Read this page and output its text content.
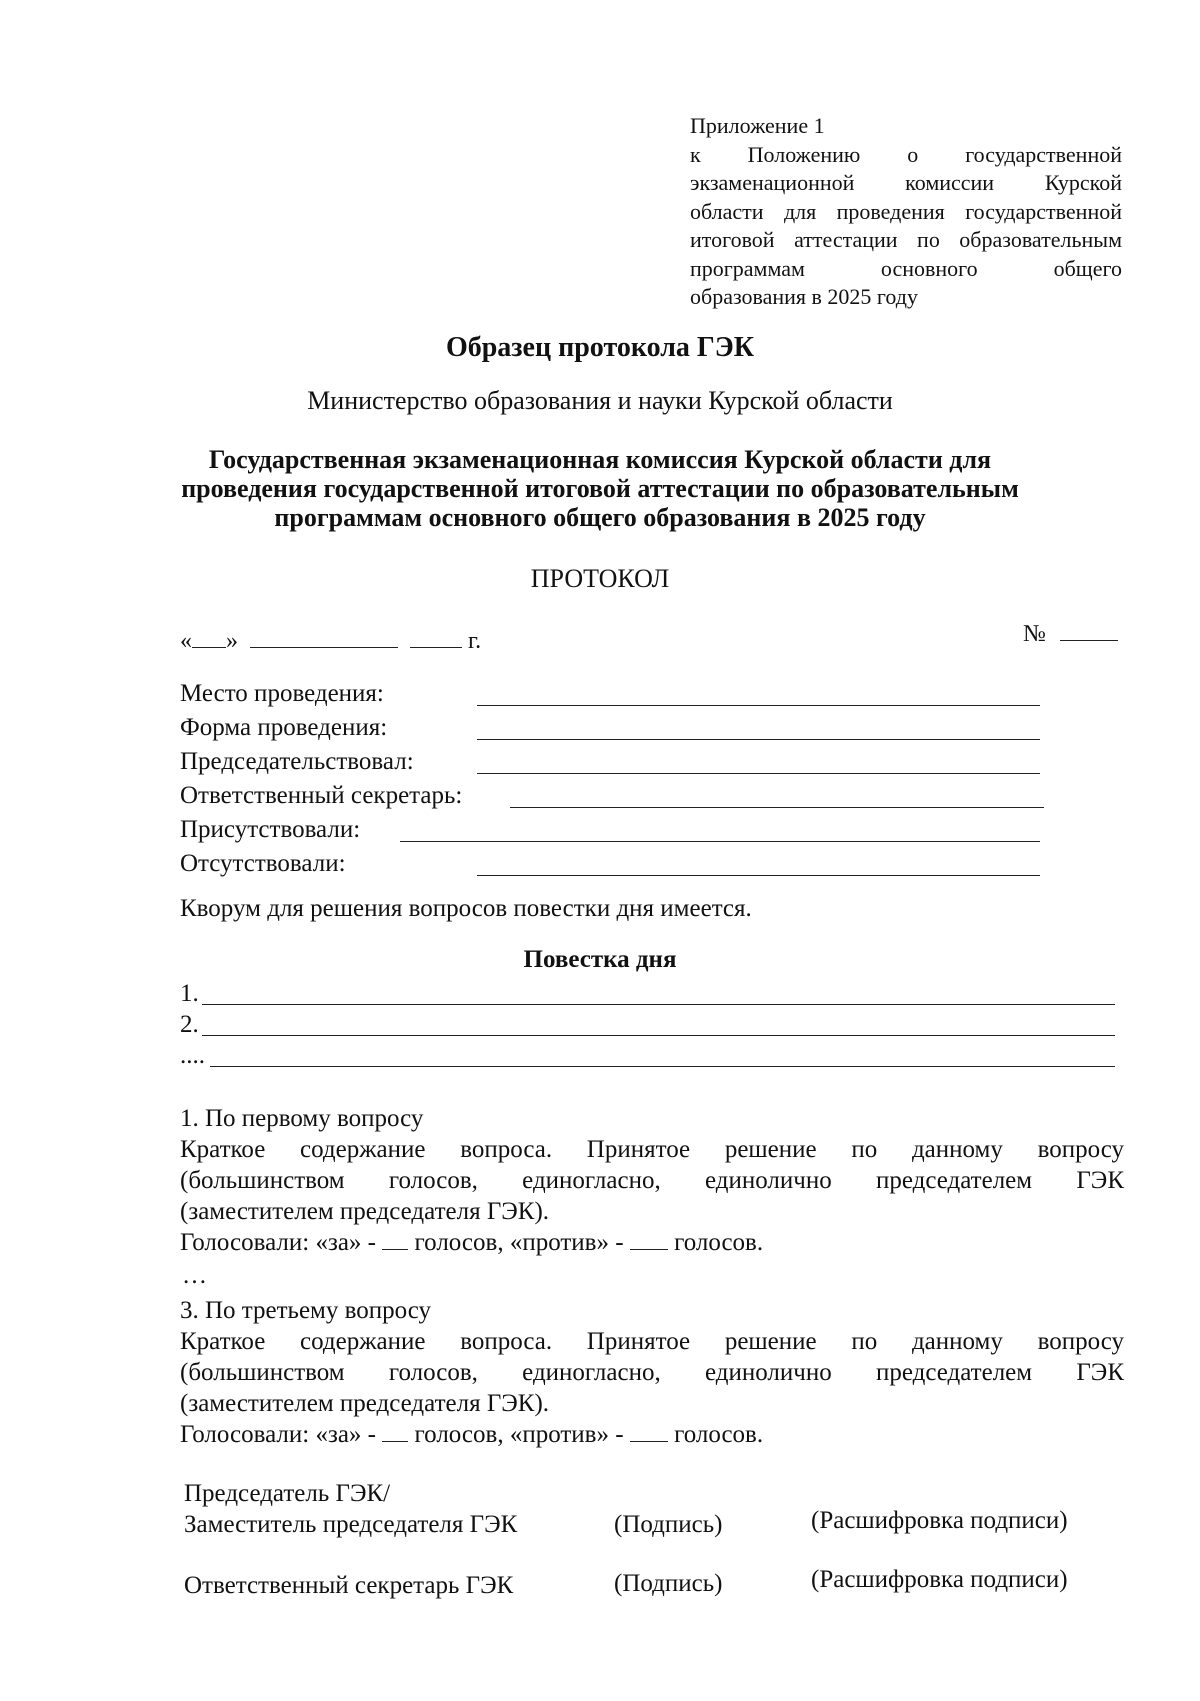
Приложение 1
к Положению о государственной
экзаменационной комиссии Курской
области для проведения государственной
итоговой аттестации по образовательным
программам основного общего
образования в 2025 году
Образец протокола ГЭК
Министерство образования и науки Курской области
Государственная экзаменационная комиссия Курской области для
проведения государственной итоговой аттестации по образовательным
программам основного общего образования в 2025 году
ПРОТОКОЛ
« »	г.	№
Место проведения:
Форма проведения:
Председательствовал:
Ответственный секретарь:
Присутствовали:
Отсутствовали:
Кворум для решения вопросов повестки дня имеется.
Повестка дня
1.
2.
....
1. По первому вопросу
Краткое содержание вопроса. Принятое решение по данному вопросу
(большинством голосов, единогласно, единолично председателем ГЭК
(заместителем председателя ГЭК).
Голосовали: «за» - голосов, «против» - голосов.
…
3. По третьему вопросу
Краткое содержание вопроса. Принятое решение по данному вопросу
(большинством голосов, единогласно, единолично председателем ГЭК
(заместителем председателя ГЭК).
Голосовали: «за» - голосов, «против» - голосов.
Председатель ГЭК/
Заместитель председателя ГЭК	(Подпись)	(Расшифровка подписи)
Ответственный секретарь ГЭК	(Подпись)	(Расшифровка подписи)
